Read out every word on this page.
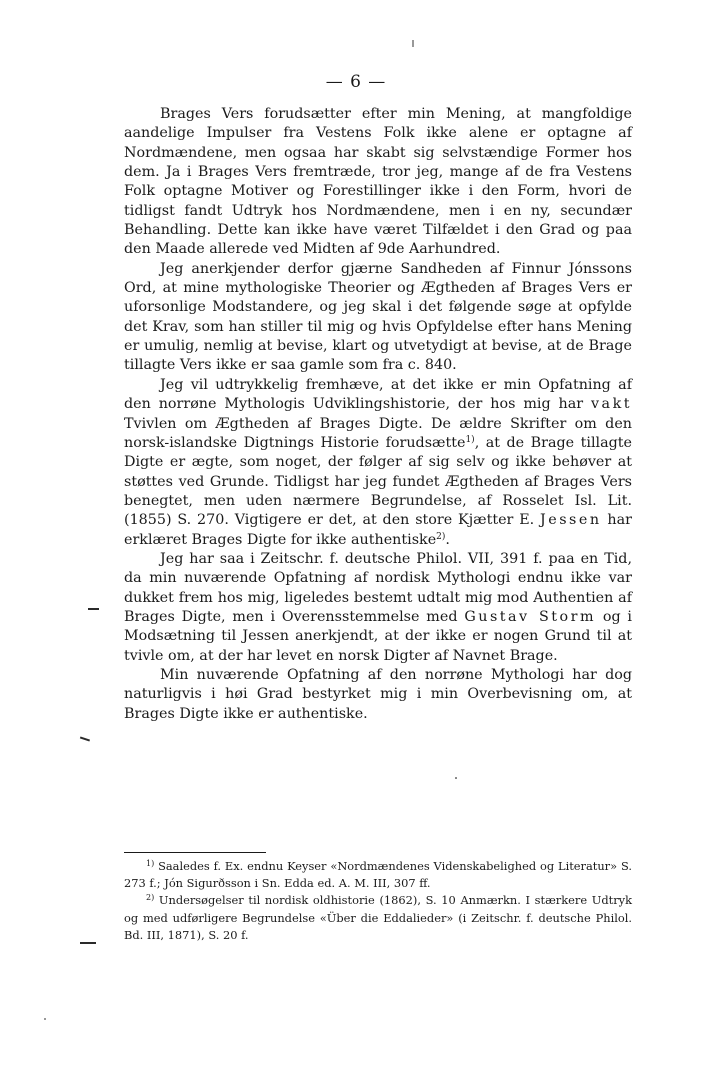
— 6 —

Brages Vers forudsætter efter min Mening, at mangfoldige aandelige Impulser fra Vestens Folk ikke alene er optagne af Nordmændene, men ogsaa har skabt sig selvstændige Former hos dem. Ja i Brages Vers fremtræde, tror jeg, mange af de fra Vestens Folk optagne Motiver og Forestillinger ikke i den Form, hvori de tidligst fandt Udtryk hos Nordmændene, men i en ny, secundær Behandling. Dette kan ikke have været Tilfældet i den Grad og paa den Maade allerede ved Midten af 9de Aarhundred.

Jeg anerkjender derfor gjærne Sandheden af Finnur Jónssons Ord, at mine mythologiske Theorier og Ægtheden af Brages Vers er uforsonlige Modstandere, og jeg skal i det følgende søge at opfylde det Krav, som han stiller til mig og hvis Opfyldelse efter hans Mening er umulig, nemlig at bevise, klart og utvetydigt at bevise, at de Brage tillagte Vers ikke er saa gamle som fra c. 840.

Jeg vil udtrykkelig fremhæve, at det ikke er min Opfatning af den norrøne Mythologis Udviklingshistorie, der hos mig har vakt Tvivlen om Ægtheden af Brages Digte. De ældre Skrifter om den norsk-islandske Digtnings Historie forudsætte$^{1)}$, at de Brage tillagte Digte er ægte, som noget, der følger af sig selv og ikke behøver at støttes ved Grunde. Tidligst har jeg fundet Ægtheden af Brages Vers benegtet, men uden nærmere Begrundelse, af Rosselet Isl. Lit. (1855) S. 270. Vigtigere er det, at den store Kjætter E. Jessen har erklæret Brages Digte for ikke authentiske$^{2)}$.

Jeg har saa i Zeitschr. f. deutsche Philol. VII, 391 f. paa en Tid, da min nuværende Opfatning af nordisk Mythologi endnu ikke var dukket frem hos mig, ligeledes bestemt udtalt mig mod Authentien af Brages Digte, men i Overensstemmelse med Gustav Storm og i Modsætning til Jessen anerkjendt, at der ikke er nogen Grund til at tvivle om, at der har levet en norsk Digter af Navnet Brage.

Min nuværende Opfatning af den norrøne Mythologi har dog naturligvis i høi Grad bestyrket mig i min Overbevisning om, at Brages Digte ikke er authentiske.

$^{1)}$ Saaledes f. Ex. endnu Keyser «Nordmændenes Videnskabelighed og Literatur» S. 273 f.; Jón Sigurðsson i Sn. Edda ed. A. M. III, 307 ff.

$^{2)}$ Undersøgelser til nordisk oldhistorie (1862), S. 10 Anmærkn. I stærkere Udtryk og med udførligere Begrundelse «Über die Eddalieder» (i Zeitschr. f. deutsche Philol. Bd. III, 1871), S. 20 f.
